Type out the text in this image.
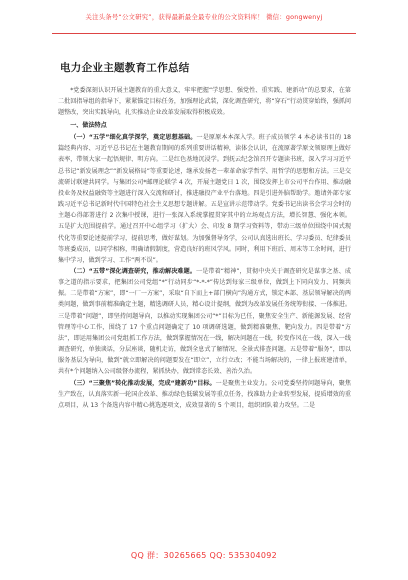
关注头条号“公文研究”，获得最新最全最专业的公文资料库！ 微信：gongwenyj
电力企业主题教育工作总结

*党委深刻认识开展主题教育的重大意义，牢牢把握“学思想、强党性、重实践、建新功”的总要求，在第二批回指导组的指导下，紧紧锚定目标任务，加强理论武装，深化调查研究，将“穿石”行动贯穿始终，强抓问题整改，突出实践导向，扎实推动企业改革发展取得积极成效。

一、做法特点

（一）“五学”细化真学深学，奠定思想基础。一是原原本本深入学。班子成员领学 4 本必读书目的 18 篇经典内容、习近平总书记在主题教育期间的系列重要讲话精神，读体会认识，在流原著学原文领原理上做好表率，带领大家一起悟规律、明方向。二是红色基地沉浸学。到抚云纪念馆召开专题读书班，深入学习习近平总书记“新发展理念”“新发展格局”等重要论述，继承发扬老一辈革命家学哲学、用哲学的思想和方法。三是交流研讨联建共同学。与集团公司*邮理论联学 4 次，开展主题党日 1 次，围绕发挥上市公司平台作用、推动融投业务及权益融资等主题进行深入交流和研讨，推进融投产业平台落地。四是引进外脑帮助学。邀请外部专家践习近平总书记新时代中国特色社会主义思想专题讲解。五是宣讲示范带动学。党委书记出读书会学习会时的主题心得部署进行 2 次集中授课，进行一张深入系统掌握贯穿其中的立场观点方法，增长智慧、强化本领。五是扩大范围提前学。通过召开中心组学习（扩大）会、印发 8 期学习资料等，带动三级单位围绕中国式现代化等重要论述提前学习，提前思考，做好谋划。为加强督导务学，公司认真选出班长、学习委员、纪律委员等班委成员，以同学相称，明确请假制度，营造良好的班风学风。同时，利用下班后、周末等工余时间，进行集中学习，做到学习、工作“两不误”。

（二）“五带”深化调查研究，推动解决难题。一是带着“精神”，贯彻中央关于调查研究是谋事之基、成事之道的指示要求，把集团公司党组“*”行动同步“*-*-*”传达到每家三级单位，做到上下同向发力、同频共振。二是带着“方案”，即“一厂一方案”，采取“自下而上+部门横向”沟通方式，锁定本部、基层领导解决的两类问题，做到事前精准确定主题，精选调研人员，精心设计提纲，做到为改革发展任务统筹衔接、一体推进。三是带着“问题”，即坚持问题导向，以推动实现集团公司“*”目标为已任，聚焦安全生产、新能源发展、经营管理等中心工作，围绕了 17 个重点问题确定了 10 项调研选题，做到精准聚焦、靶向发力。四是带着“方法”，即运用集团公司党组抓工作方法，做到掌握情况在一线，解决问题在一线，转变作风在一线，深入一线调查研究，单独谈话，分层座谈，随机走访，做到全息式了解情况、全景式排查问题。五是带着“服务”，即以服务基层为导向，做到“就立即解决的问题要发在“即立”，立行立改；不能当场解决的，一律上报班建清单，共有*个问题纳入公司级督办流程，紧抓快办，做到常态长效、善治久治。

（三）“三聚焦”转化推动发展，完成“建新功”目标。一是聚焦主业发力。公司党委坚持问题导向，聚焦生产致在，认真落实新一轮国企改革、推动绿色低碳发展等重点任务，找准助力企业转型发展，提质增效的重点项目，从 13 个备选内容中精心挑选逐项文，成效显著的 5 个项目，组织团队着力攻坚。二是

QQ 群：30265665 QQ: 535304092
